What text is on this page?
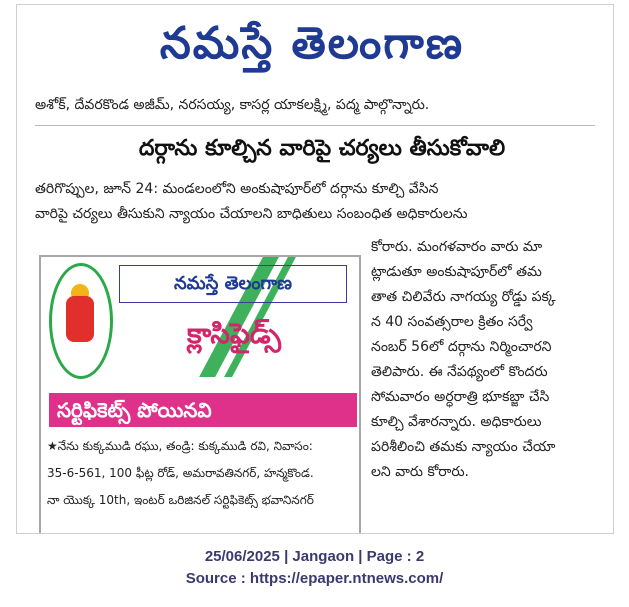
నమస్తే తెలంగాణ
అశోక్, దేవరకొండ అజీమ్, నరసయ్య, కాసర్ల యాకలక్ష్మి, పద్మ పాల్గొన్నారు.
దర్గాను కూల్చిన వారిపై చర్యలు తీసుకోవాలి
తరిగొప్పుల, జూన్ 24: మండలంలోని అంకుషాపూర్‌లో దర్గాను కూల్చి వేసిన
వారిపై చర్యలు తీసుకుని న్యాయం చేయాలని బాధితులు సంబంధిత అధికారులను
కోరారు. మంగళవారం వారు మా
ట్లాడుతూ అంకుషాపూర్‌లో తమ
తాత చిలివేరు నాగయ్య రోడ్డు పక్క
న 40 సంవత్సరాల క్రితం సర్వే
నంబర్ 56లో దర్గాను నిర్మించారని
తెలిపారు. ఈ నేపథ్యంలో కొందరు
సోమవారం అర్ధరాత్రి భూకబ్జా చేసి
కూల్చి వేశారన్నారు. అధికారులు
పరిశీలించి తమకు న్యాయం చేయా
లని వారు కోరారు.
నమస్తే తెలంగాణ
క్లాసిఫైడ్స్
సర్టిఫికెట్స్ పోయినవి
★నేను కుక్కముడి రఘు, తండ్రి: కుక్కముడి రవి, నివాసం:
35-6-561, 100 ఫీట్ల రోడ్, అమరావతినగర్, హన్మకొండ.
నా యొక్క 10th, ఇంటర్ ఒరిజినల్ సర్టిఫికెట్స్ భవానినగర్
25/06/2025 | Jangaon | Page : 2
Source : https://epaper.ntnews.com/
